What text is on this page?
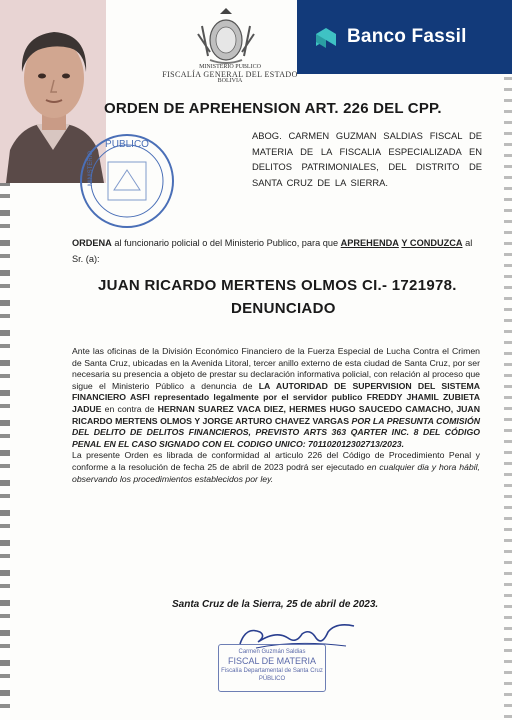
Banco Fassil
MINISTERIO PUBLICO
FISCALÍA GENERAL DEL ESTADO
BOLIVIA
ORDEN DE APREHENSION ART. 226 DEL CPP.
PUBLICO
MINISTERIO
ABOG. CARMEN GUZMAN SALDIAS FISCAL DE MATERIA DE LA FISCALIA ESPECIALIZADA EN DELITOS PATRIMONIALES, DEL DISTRITO DE SANTA CRUZ DE LA SIERRA.
ORDENA al funcionario policial o del Ministerio Publico, para que APREHENDA Y CONDUZCA al Sr. (a):
JUAN RICARDO MERTENS OLMOS CI.- 1721978.
DENUNCIADO
Ante las oficinas de la División Económico Financiero de la Fuerza Especial de Lucha Contra el Crimen de Santa Cruz, ubicadas en la Avenida Litoral, tercer anillo externo de esta ciudad de Santa Cruz, por ser necesaria su presencia a objeto de prestar su declaración informativa policial, con relación al proceso que sigue el Ministerio Público a denuncia de LA AUTORIDAD DE SUPERVISION DEL SISTEMA FINANCIERO ASFI representado legalmente por el servidor publico FREDDY JHAMIL ZUBIETA JADUE en contra de HERNAN SUAREZ VACA DIEZ, HERMES HUGO SAUCEDO CAMACHO, JUAN RICARDO MERTENS OLMOS Y JORGE ARTURO CHAVEZ VARGAS POR LA PRESUNTA COMISIÓN DEL DELITO DE DELITOS FINANCIEROS, PREVISTO ARTS 363 QARTER INC. 8 DEL CÓDIGO PENAL EN EL CASO SIGNADO CON EL CODIGO UNICO: 701102012302713/2023.
La presente Orden es librada de conformidad al articulo 226 del Código de Procedimiento Penal y conforme a la resolución de fecha 25 de abril de 2023 podrá ser ejecutado en cualquier dia y hora hábil, observando los procedimientos establecidos por ley.
Santa Cruz de la Sierra, 25 de abril de 2023.
Carmen Guzmán Saldias
FISCAL DE MATERIA
Fiscalía Departamental de Santa Cruz
PÚBLICO
